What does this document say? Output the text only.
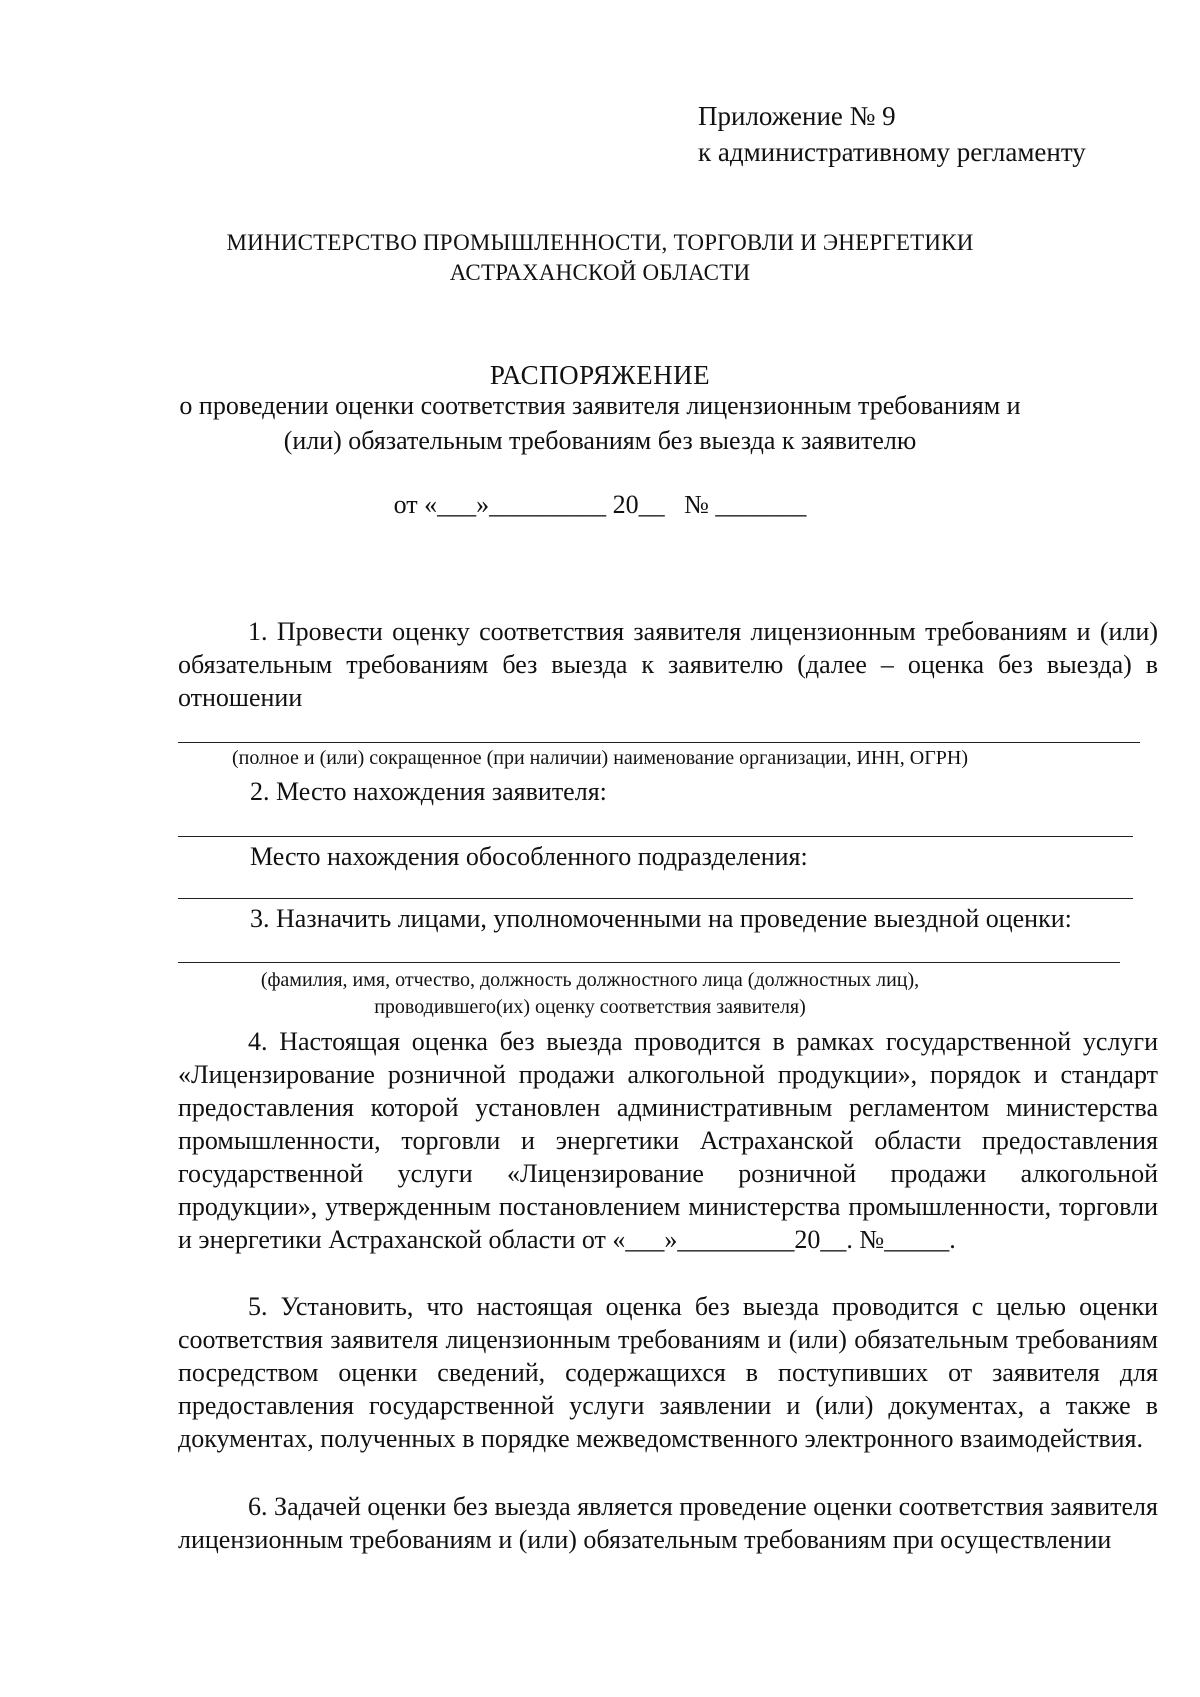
Приложение № 9
к административному регламенту
МИНИСТЕРСТВО ПРОМЫШЛЕННОСТИ, ТОРГОВЛИ И ЭНЕРГЕТИКИ
АСТРАХАНСКОЙ ОБЛАСТИ
РАСПОРЯЖЕНИЕ
о проведении оценки соответствия заявителя лицензионным требованиям и
(или) обязательным требованиям без выезда к заявителю
от «___»_________ 20__   № _______
1. Провести оценку соответствия заявителя лицензионным требованиям и (или) обязательным требованиям без выезда к заявителю (далее – оценка без выезда) в отношении
(полное и (или) сокращенное (при наличии) наименование организации, ИНН, ОГРН)
2. Место нахождения заявителя:
Место нахождения обособленного подразделения:
3. Назначить лицами, уполномоченными на проведение выездной оценки:
(фамилия, имя, отчество, должность должностного лица (должностных лиц),
проводившего(их) оценку соответствия заявителя)
4. Настоящая оценка без выезда проводится в рамках государственной услуги «Лицензирование розничной продажи алкогольной продукции», порядок и стандарт предоставления которой установлен административным регламентом министерства промышленности, торговли и энергетики Астраханской области предоставления государственной услуги «Лицензирование розничной продажи алкогольной продукции», утвержденным постановлением министерства промышленности, торговли и энергетики Астраханской области от «___»_________20__. №_____.
5. Установить, что настоящая оценка без выезда проводится с целью оценки соответствия заявителя лицензионным требованиям и (или) обязательным требованиям посредством оценки сведений, содержащихся в поступивших от заявителя для предоставления государственной услуги заявлении и (или) документах, а также в документах, полученных в порядке межведомственного электронного взаимодействия.
6. Задачей оценки без выезда является проведение оценки соответствия заявителя лицензионным требованиям и (или) обязательным требованиям при осуществлении
